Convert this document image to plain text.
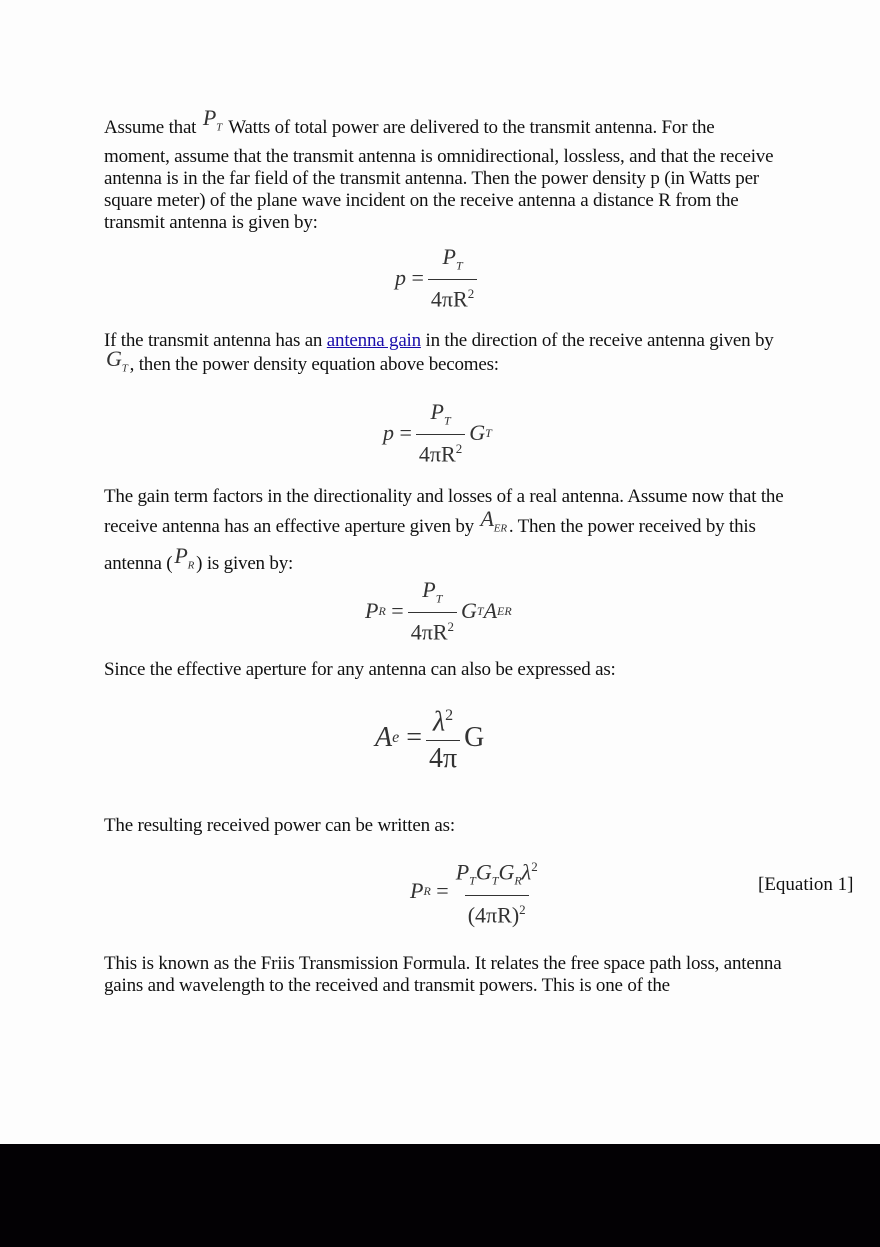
Assume that $P_T$ Watts of total power are delivered to the transmit antenna. For the moment, assume that the transmit antenna is omnidirectional, lossless, and that the receive antenna is in the far field of the transmit antenna. Then the power density p (in Watts per square meter) of the plane wave incident on the receive antenna a distance R from the transmit antenna is given by:
$p = \frac{P_T}{4\pi R^2}$
If the transmit antenna has an antenna gain in the direction of the receive antenna given by $G_T$ , then the power density equation above becomes:
$p = \frac{P_T}{4\pi R^2}$ G T
The gain term factors in the directionality and losses of a real antenna. Assume now that the receive antenna has an effective aperture given by $A_{ER}$ . Then the power received by this antenna ($P_R$ ) is given by:
P $R = \frac{P_T}{4\pi R^2}$ G T A ER
Since the effective aperture for any antenna can also be expressed as:
A $e = \frac{\lambda^2}{4\pi}$ G
The resulting received power can be written as:
P $R = \frac{P_TG_TG_R\lambda^2}{(4\pi R)^2}$	[Equation 1]
This is known as the Friis Transmission Formula. It relates the free space path loss, antenna gains and wavelength to the received and transmit powers. This is one of the
